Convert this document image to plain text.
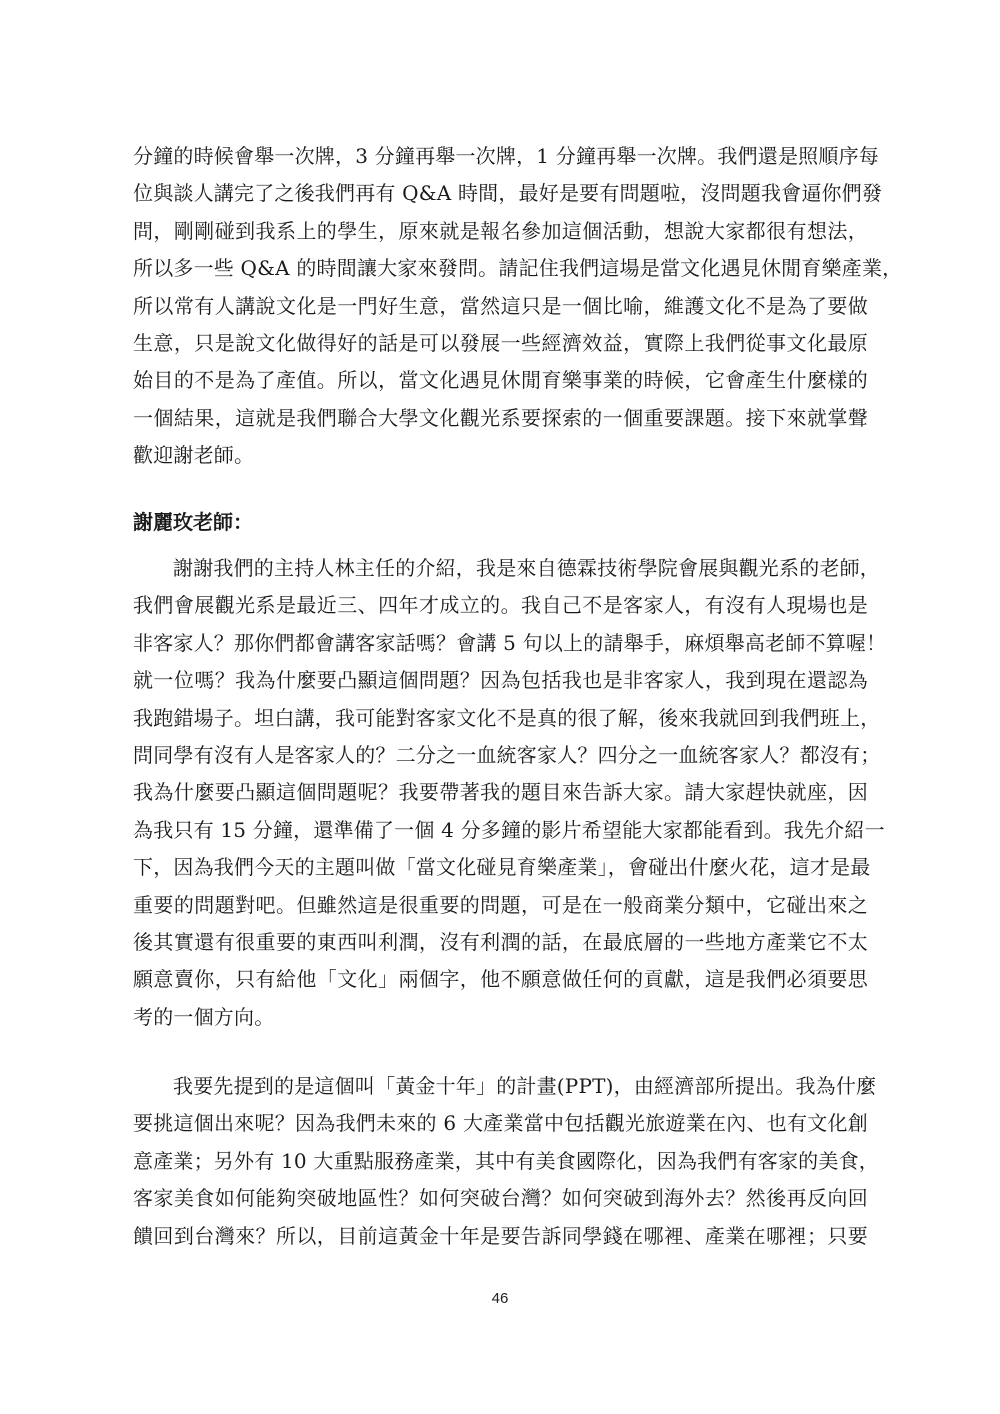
分鐘的時候會舉一次牌，3 分鐘再舉一次牌，1 分鐘再舉一次牌。我們還是照順序每
位與談人講完了之後我們再有 Q&A 時間，最好是要有問題啦，沒問題我會逼你們發
問，剛剛碰到我系上的學生，原來就是報名參加這個活動，想說大家都很有想法，
所以多一些 Q&A 的時間讓大家來發問。請記住我們這場是當文化遇見休閒育樂產業，
所以常有人講說文化是一門好生意，當然這只是一個比喻，維護文化不是為了要做
生意，只是說文化做得好的話是可以發展一些經濟效益，實際上我們從事文化最原
始目的不是為了產值。所以，當文化遇見休閒育樂事業的時候，它會產生什麼樣的
一個結果，這就是我們聯合大學文化觀光系要探索的一個重要課題。接下來就掌聲
歡迎謝老師。

謝麗玫老師：

謝謝我們的主持人林主任的介紹，我是來自德霖技術學院會展與觀光系的老師，
我們會展觀光系是最近三、四年才成立的。我自己不是客家人，有沒有人現場也是
非客家人？那你們都會講客家話嗎？會講 5 句以上的請舉手，麻煩舉高老師不算喔！
就一位嗎？我為什麼要凸顯這個問題？因為包括我也是非客家人，我到現在還認為
我跑錯場子。坦白講，我可能對客家文化不是真的很了解，後來我就回到我們班上，
問同學有沒有人是客家人的？二分之一血統客家人？四分之一血統客家人？都沒有；
我為什麼要凸顯這個問題呢？我要帶著我的題目來告訴大家。請大家趕快就座，因
為我只有 15 分鐘，還準備了一個 4 分多鐘的影片希望能大家都能看到。我先介紹一
下，因為我們今天的主題叫做「當文化碰見育樂產業」，會碰出什麼火花，這才是最
重要的問題對吧。但雖然這是很重要的問題，可是在一般商業分類中，它碰出來之
後其實還有很重要的東西叫利潤，沒有利潤的話，在最底層的一些地方產業它不太
願意賣你，只有給他「文化」兩個字，他不願意做任何的貢獻，這是我們必須要思
考的一個方向。
我要先提到的是這個叫「黃金十年」的計畫(PPT)，由經濟部所提出。我為什麼
要挑這個出來呢？因為我們未來的 6 大產業當中包括觀光旅遊業在內、也有文化創
意產業；另外有 10 大重點服務產業，其中有美食國際化，因為我們有客家的美食，
客家美食如何能夠突破地區性？如何突破台灣？如何突破到海外去？然後再反向回
饋回到台灣來？所以，目前這黃金十年是要告訴同學錢在哪裡、產業在哪裡；只要
46
